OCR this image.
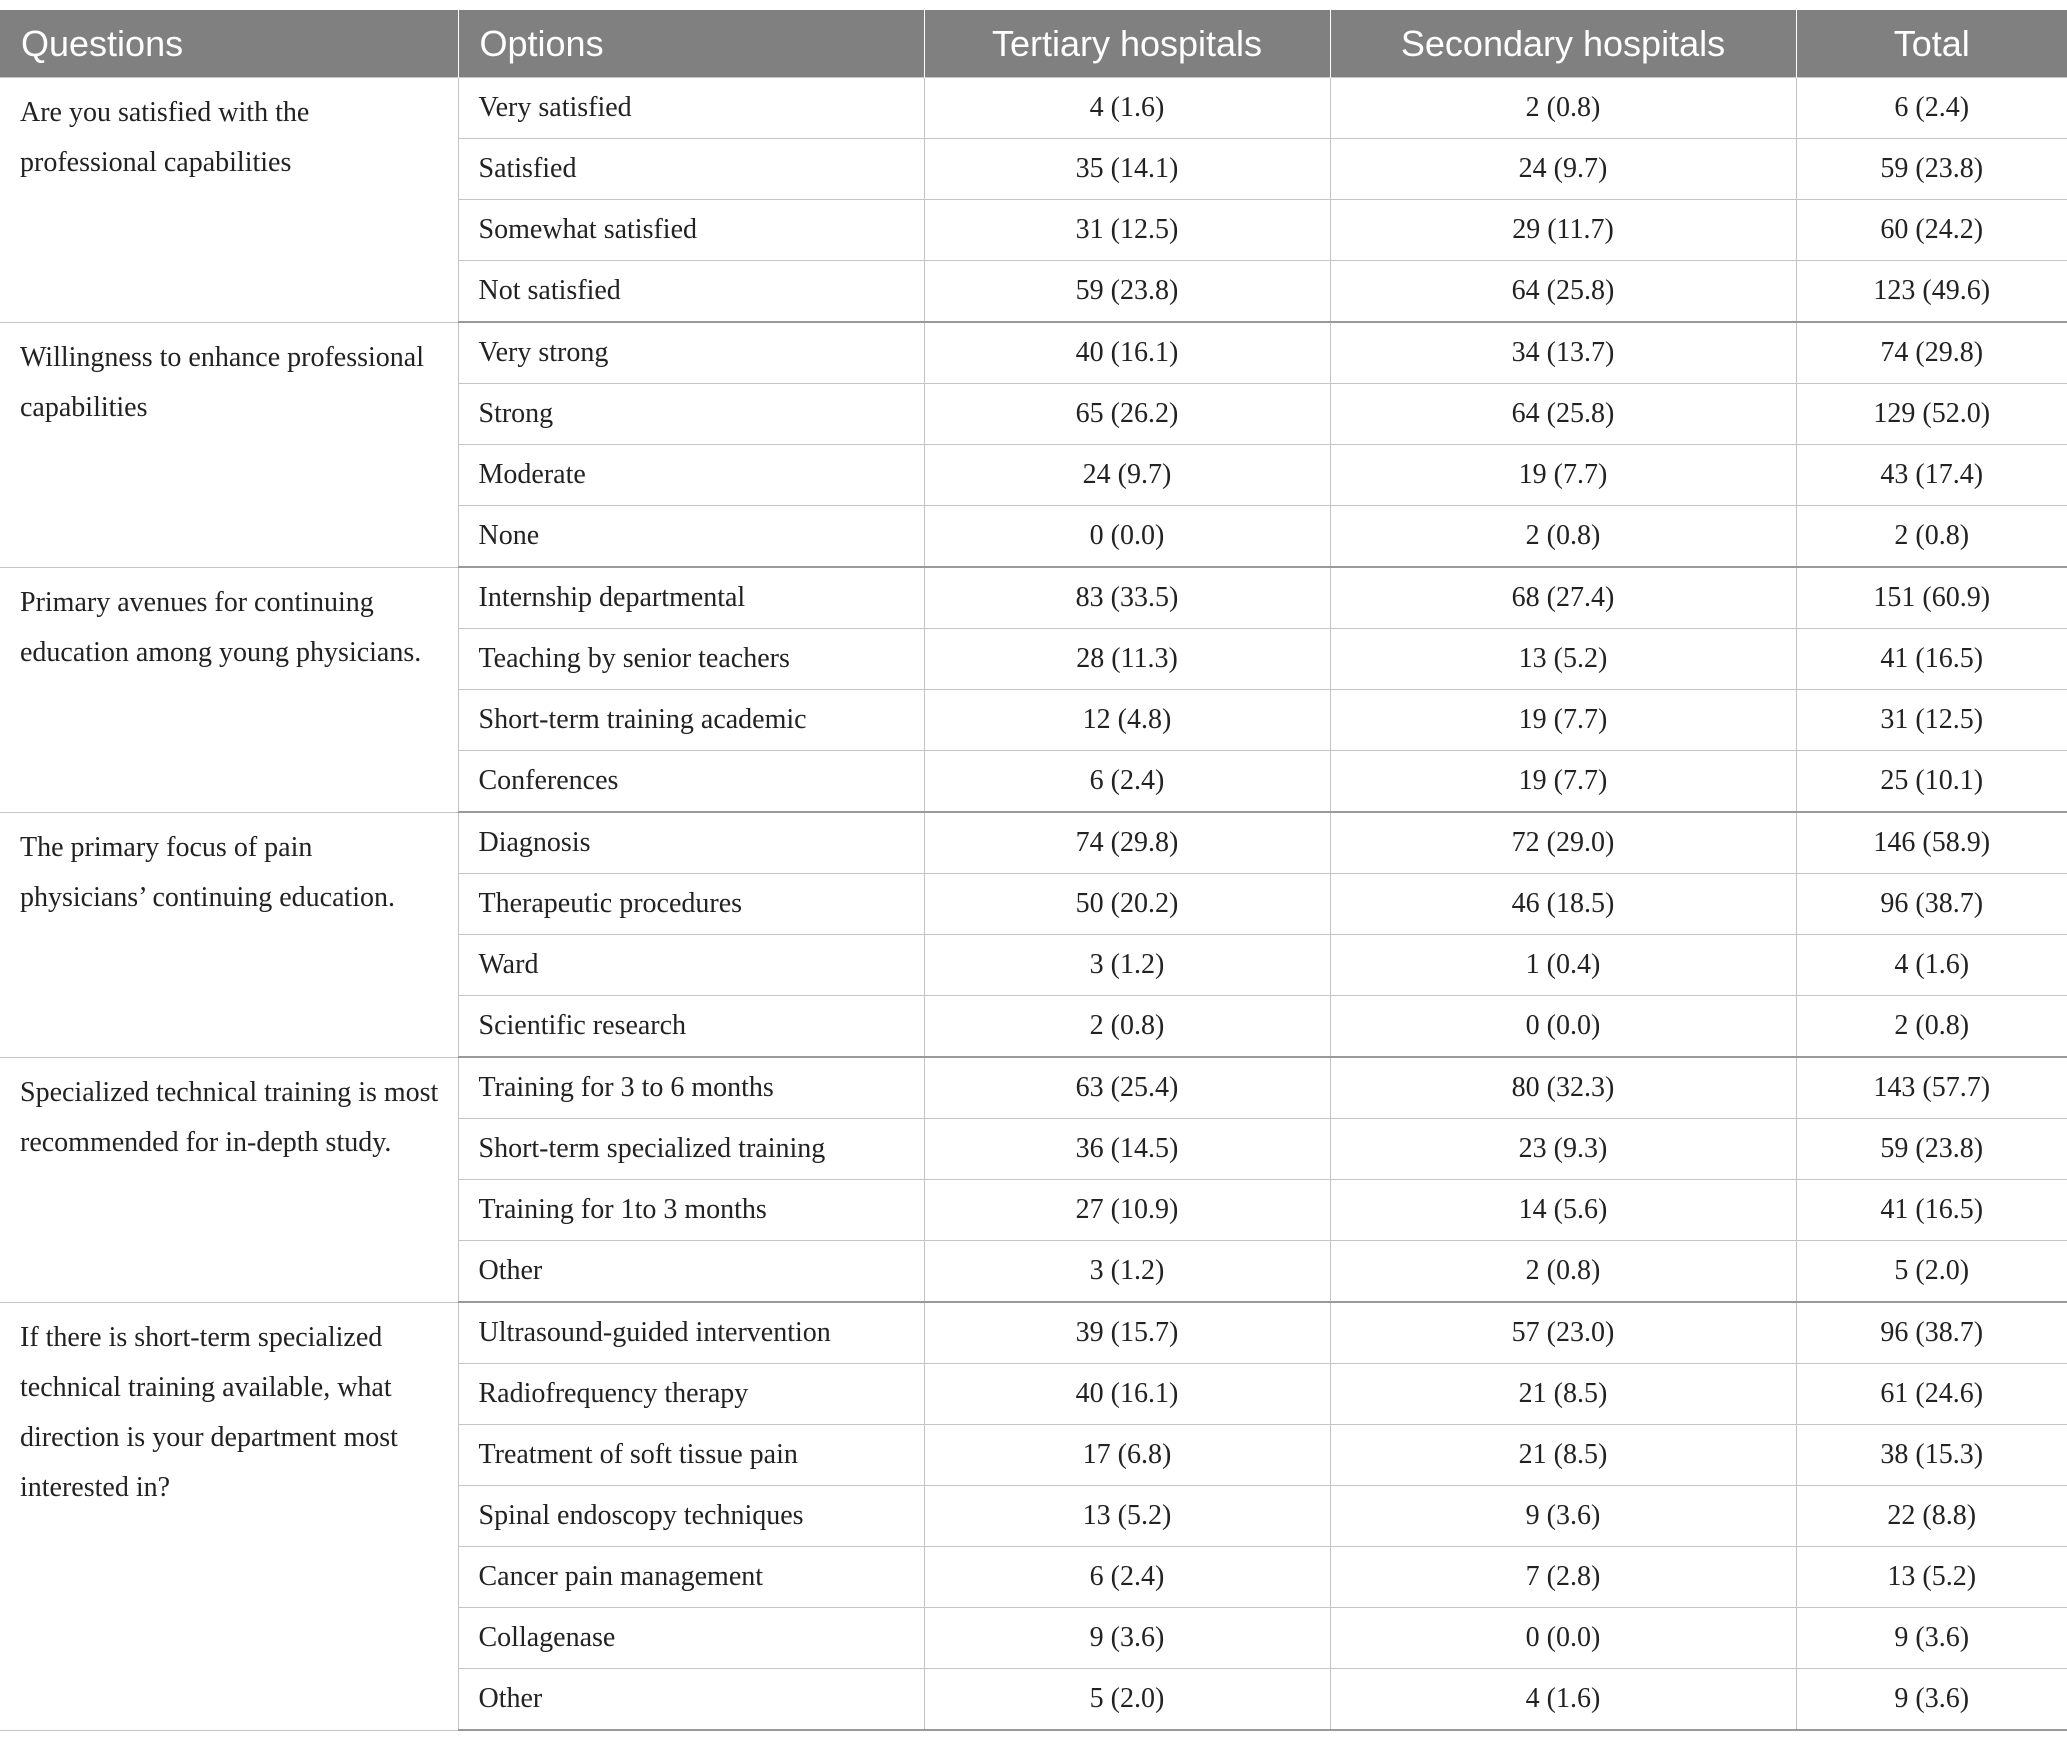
Questions	Options	Tertiary hospitals	Secondary hospitals	Total
Are you satisfied with the professional capabilities	Very satisfied	4 (1.6)	2 (0.8)	6 (2.4)
	Satisfied	35 (14.1)	24 (9.7)	59 (23.8)
	Somewhat satisfied	31 (12.5)	29 (11.7)	60 (24.2)
	Not satisfied	59 (23.8)	64 (25.8)	123 (49.6)
Willingness to enhance professional capabilities	Very strong	40 (16.1)	34 (13.7)	74 (29.8)
	Strong	65 (26.2)	64 (25.8)	129 (52.0)
	Moderate	24 (9.7)	19 (7.7)	43 (17.4)
	None	0 (0.0)	2 (0.8)	2 (0.8)
Primary avenues for continuing education among young physicians.	Internship departmental	83 (33.5)	68 (27.4)	151 (60.9)
	Teaching by senior teachers	28 (11.3)	13 (5.2)	41 (16.5)
	Short-term training academic	12 (4.8)	19 (7.7)	31 (12.5)
	Conferences	6 (2.4)	19 (7.7)	25 (10.1)
The primary focus of pain physicians’ continuing education.	Diagnosis	74 (29.8)	72 (29.0)	146 (58.9)
	Therapeutic procedures	50 (20.2)	46 (18.5)	96 (38.7)
	Ward	3 (1.2)	1 (0.4)	4 (1.6)
	Scientific research	2 (0.8)	0 (0.0)	2 (0.8)
Specialized technical training is most recommended for in-depth study.	Training for 3 to 6 months	63 (25.4)	80 (32.3)	143 (57.7)
	Short-term specialized training	36 (14.5)	23 (9.3)	59 (23.8)
	Training for 1to 3 months	27 (10.9)	14 (5.6)	41 (16.5)
	Other	3 (1.2)	2 (0.8)	5 (2.0)
If there is short-term specialized technical training available, what direction is your department most interested in?	Ultrasound-guided intervention	39 (15.7)	57 (23.0)	96 (38.7)
	Radiofrequency therapy	40 (16.1)	21 (8.5)	61 (24.6)
	Treatment of soft tissue pain	17 (6.8)	21 (8.5)	38 (15.3)
	Spinal endoscopy techniques	13 (5.2)	9 (3.6)	22 (8.8)
	Cancer pain management	6 (2.4)	7 (2.8)	13 (5.2)
	Collagenase	9 (3.6)	0 (0.0)	9 (3.6)
	Other	5 (2.0)	4 (1.6)	9 (3.6)
